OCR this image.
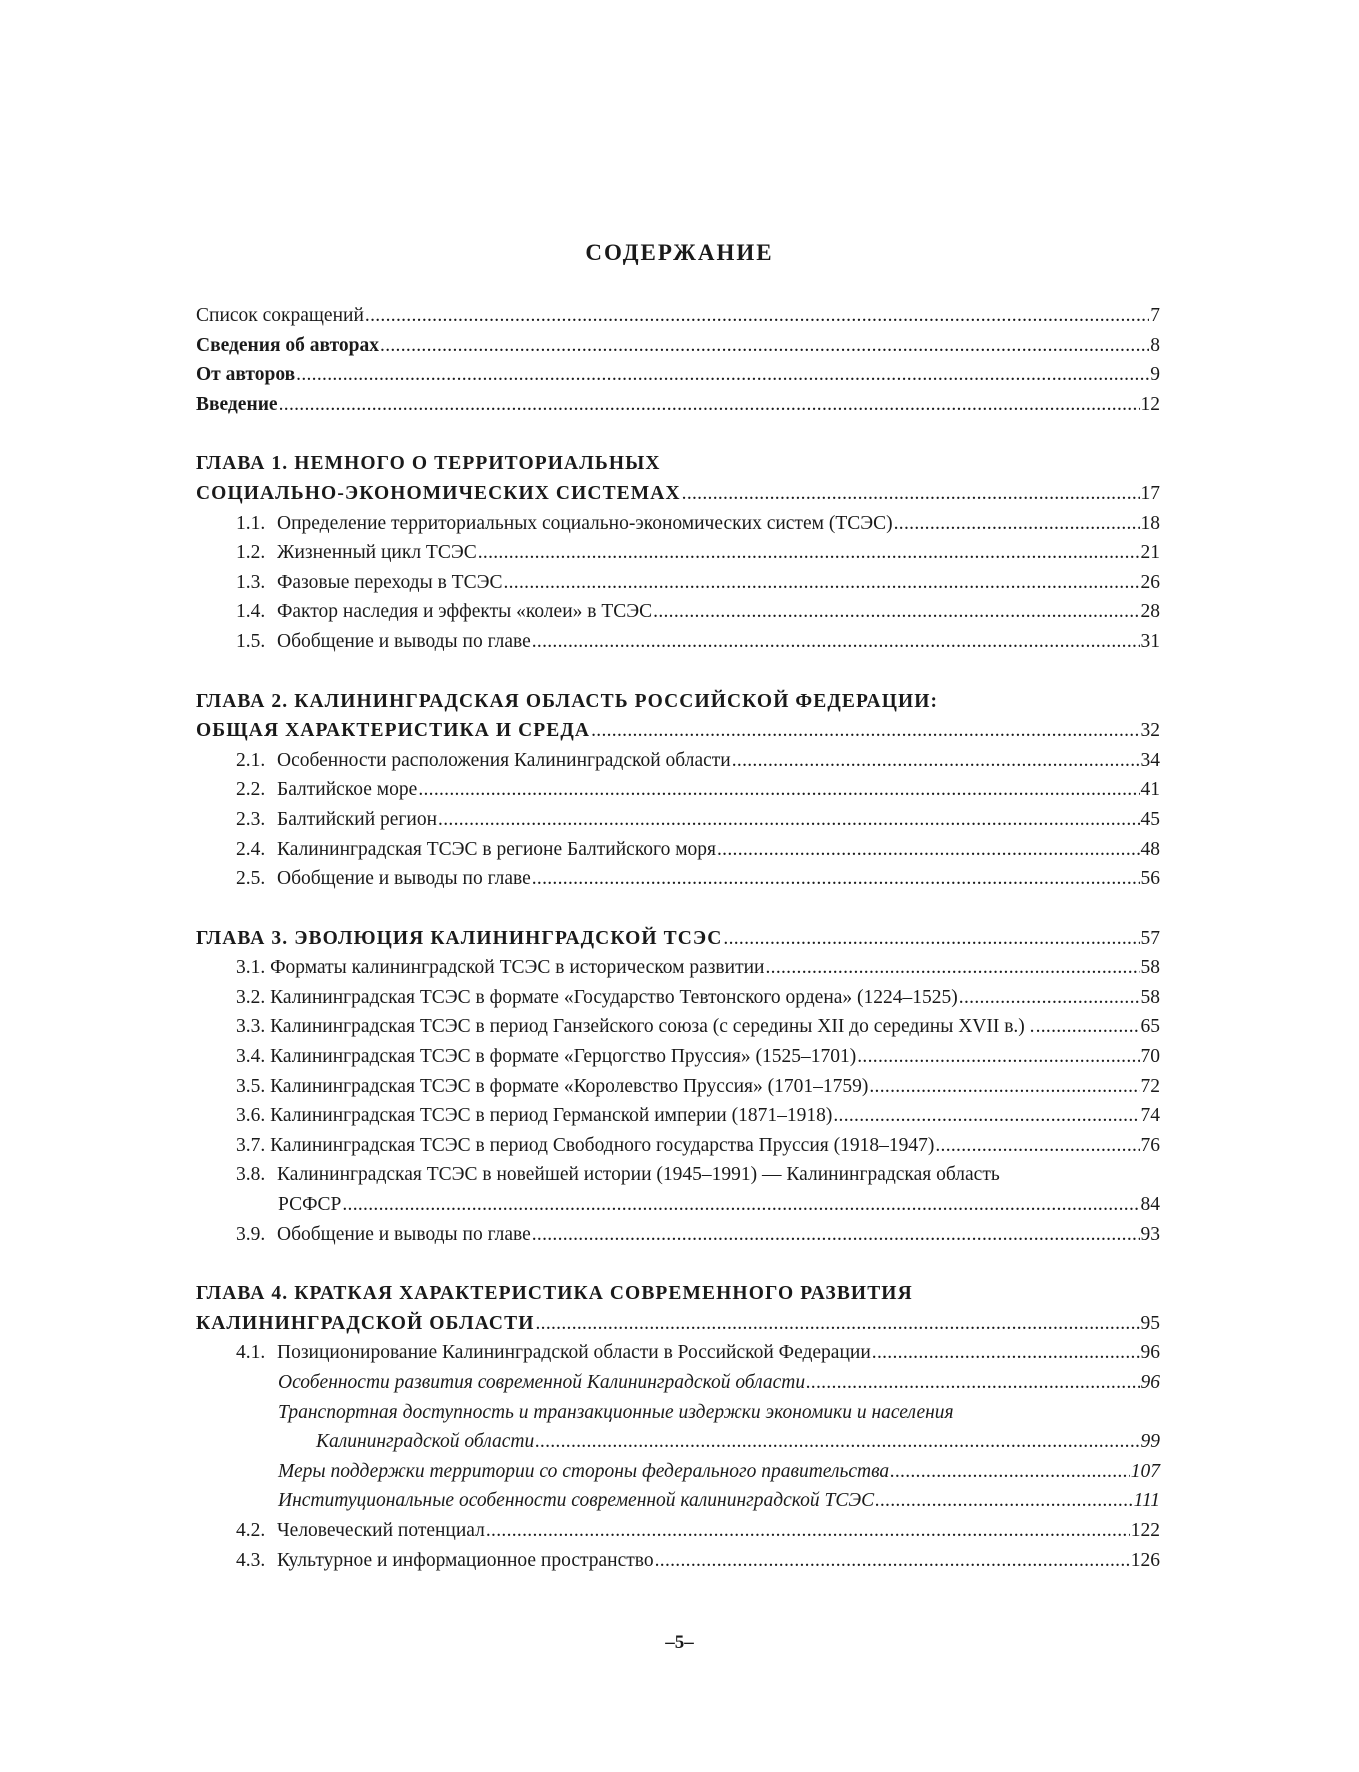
СОДЕРЖАНИЕ
Список сокращений .....	7
Сведения об авторах .....	8
От авторов .....	9
Введение .....	12
ГЛАВА 1. НЕМНОГО О ТЕРРИТОРИАЛЬНЫХ
СОЦИАЛЬНО-ЭКОНОМИЧЕСКИХ СИСТЕМАХ .....	17
1.1. Определение территориальных социально-экономических систем (ТСЭС) .....	18
1.2. Жизненный цикл ТСЭС .....	21
1.3. Фазовые переходы в ТСЭС .....	26
1.4. Фактор наследия и эффекты «колеи» в ТСЭС .....	28
1.5. Обобщение и выводы по главе .....	31
ГЛАВА 2. КАЛИНИНГРАДСКАЯ ОБЛАСТЬ РОССИЙСКОЙ ФЕДЕРАЦИИ:
ОБЩАЯ ХАРАКТЕРИСТИКА И СРЕДА .....	32
2.1. Особенности расположения Калининградской области .....	34
2.2. Балтийское море .....	41
2.3. Балтийский регион .....	45
2.4. Калининградская ТСЭС в регионе Балтийского моря .....	48
2.5. Обобщение и выводы по главе .....	56
ГЛАВА 3. ЭВОЛЮЦИЯ КАЛИНИНГРАДСКОЙ ТСЭС .....	57
3.1. Форматы калининградской ТСЭС в историческом развитии .....	58
3.2. Калининградская ТСЭС в формате «Государство Тевтонского ордена» (1224–1525) .....	58
3.3. Калининградская ТСЭС в период Ганзейского союза (с середины XII до середины XVII в.) . .....	65
3.4. Калининградская ТСЭС в формате «Герцогство Пруссия» (1525–1701) .....	70
3.5. Калининградская ТСЭС в формате «Королевство Пруссия» (1701–1759) .....	72
3.6. Калининградская ТСЭС в период Германской империи (1871–1918) .....	74
3.7. Калининградская ТСЭС в период Свободного государства Пруссия (1918–1947) .....	76
3.8. Калининградская ТСЭС в новейшей истории (1945–1991) — Калининградская область
РСФСР .....	84
3.9. Обобщение и выводы по главе .....	93
ГЛАВА 4. КРАТКАЯ ХАРАКТЕРИСТИКА СОВРЕМЕННОГО РАЗВИТИЯ
КАЛИНИНГРАДСКОЙ ОБЛАСТИ .....	95
4.1. Позиционирование Калининградской области в Российской Федерации .....	96
Особенности развития современной Калининградской области .....	96
Транспортная доступность и транзакционные издержки экономики и населения
Калининградской области .....	99
Меры поддержки территории со стороны федерального правительства .....	107
Институциональные особенности современной калининградской ТСЭС .....	111
4.2. Человеческий потенциал .....	122
4.3. Культурное и информационное пространство .....	126
–5–
